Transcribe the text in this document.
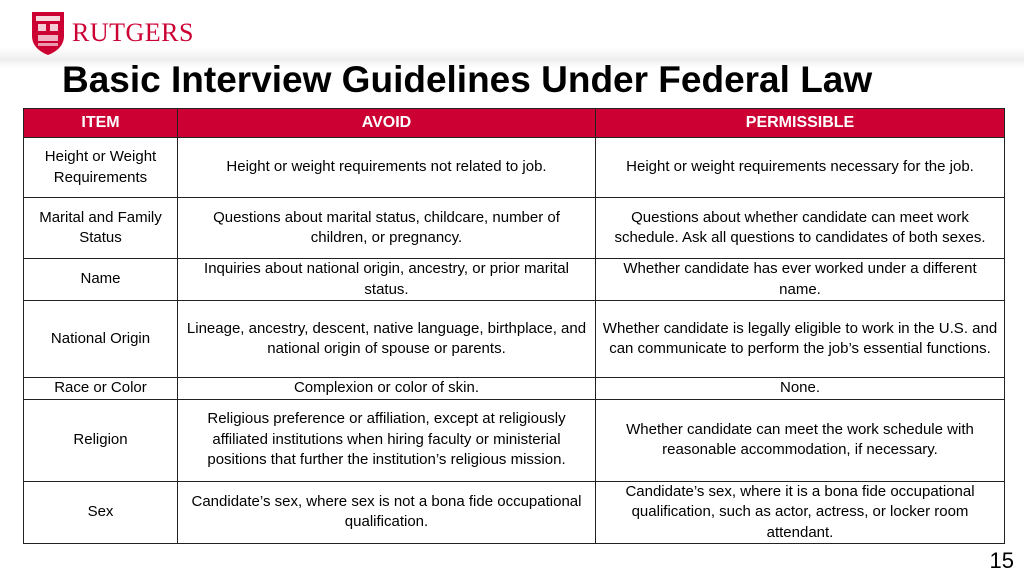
RUTGERS
Basic Interview Guidelines Under Federal Law
ITEM	AVOID	PERMISSIBLE
Height or Weight Requirements	Height or weight requirements not related to job.	Height or weight requirements necessary for the job.
Marital and Family Status	Questions about marital status, childcare, number of children, or pregnancy.	Questions about whether candidate can meet work schedule. Ask all questions to candidates of both sexes.
Name	Inquiries about national origin, ancestry, or prior marital status.	Whether candidate has ever worked under a different name.
National Origin	Lineage, ancestry, descent, native language, birthplace, and national origin of spouse or parents.	Whether candidate is legally eligible to work in the U.S. and can communicate to perform the job’s essential functions.
Race or Color	Complexion or color of skin.	None.
Religion	Religious preference or affiliation, except at religiously affiliated institutions when hiring faculty or ministerial positions that further the institution’s religious mission.	Whether candidate can meet the work schedule with reasonable accommodation, if necessary.
Sex	Candidate’s sex, where sex is not a bona fide occupational qualification.	Candidate’s sex, where it is a bona fide occupational qualification, such as actor, actress, or locker room attendant.
15
